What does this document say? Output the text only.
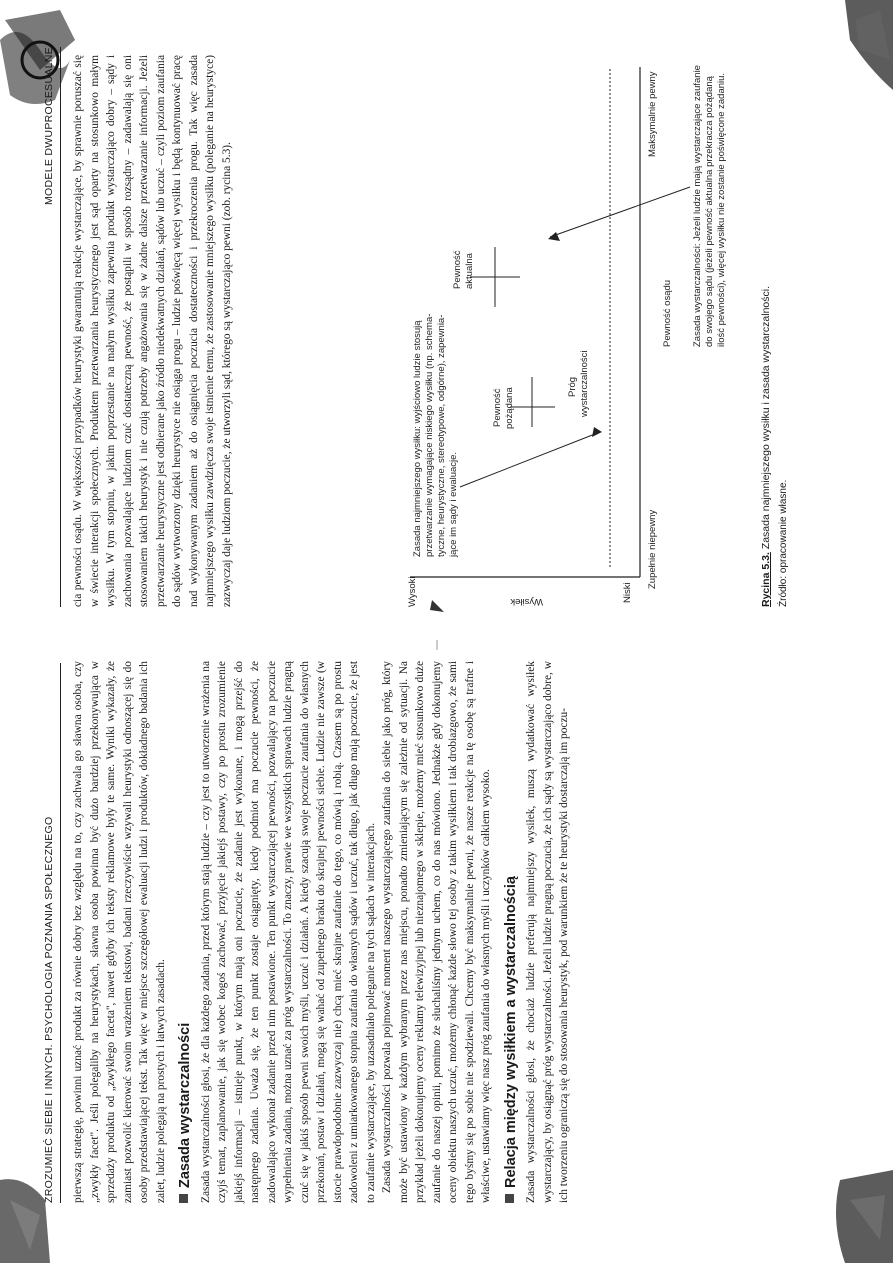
ZROZUMIEĆ SIEBIE I INNYCH. PSYCHOLOGIA POZNANIA SPOŁECZNEGO pierwszą strategię, powinni uznać produkt za równie dobry bez względu na to, czy zachwala go sławna osoba, czy „zwykły facet". Jeśli polegaliby na heurystykach, sławna osoba powinna być dużo bardziej przekonywująca w sprzedaży produktu od „zwykłego faceta", nawet gdyby ich teksty reklamowe były te same. Wyniki wykazały, że zamiast pozwolić kierować swoim wrażeniem tekstowi, badani rzeczywiście wzywali heurystyki odnoszącej się do osoby przedstawiającej tekst. Tak więc w miejsce szczegółowej ewaluacji ludzi i produktów, dokładnego badania ich zalet, ludzie polegają na prostych i łatwych zasadach. Zasada wystarczalności Zasada wystarczalności głosi, że dla każdego zadania, przed którym stają ludzie – czy jest to utworzenie wrażenia na czyjś temat, zaplanowanie, jak się wobec kogoś zachować, przyjęcie jakiejś postawy, czy po prostu zrozumienie jakiejś informacji – istnieje punkt, w którym mają oni poczucie, że zadanie jest wykonane, i mogą przejść do następnego zadania. Uważa się, że ten punkt zostaje osiągnięty, kiedy podmiot ma poczucie pewności, że zadowalająco wykonał zadanie przed nim postawione. Ten punkt wystarczającej pewności, pozwalający na poczucie wypełnienia zadania, można uznać za próg wystarczalności. To znaczy, prawie we wszystkich sprawach ludzie pragną czuć się w jakiś sposób pewni swoich myśli, uczuć i działań. A kiedy szacują swoje poczucie zaufania do własnych przekonań, postaw i działań, mogą się wahać od zupełnego braku do skrajnej pewności siebie. Ludzie nie zawsze (w istocie prawdopodobnie zazwyczaj nie) chcą mieć skrajne zaufanie do tego, co mówią i robią. Czasem są po prostu zadowoleni z umiarkowanego stopnia zaufania do własnych sądów i uczuć, tak długo, jak długo mają poczucie, że jest to zaufanie wystarczające, by uzasadniało poleganie na tych sądach w interakcjach. Zasada wystarczalności pozwala pojmować moment naszego wystarczającego zaufania do siebie jako próg, który może być ustawiony w każdym wybranym przez nas miejscu, ponadto zmieniającym się zależnie od sytuacji. Na przykład jeżeli dokonujemy oceny reklamy telewizyjnej lub nieznajomego w sklepie, możemy mieć stosunkowo duże zaufanie do naszej opinii, pomimo że słuchaliśmy jednym uchem, co do nas mówiono. Jednakże gdy dokonujemy oceny obiektu naszych uczuć, możemy chłonąć każde słowo tej osoby z takim wysiłkiem i tak drobiazgowo, że sami tego byśmy się po sobie nie spodziewali. Chcemy być maksymalnie pewni, że nasze reakcje na tę osobę są trafne i właściwe, ustawiamy więc nasz próg zaufania do własnych myśli i uczynków całkiem wysoko. Relacja między wysiłkiem a wystarczalnością Zasada wystarczalności głosi, że chociaż ludzie preferują najmniejszy wysiłek, muszą wydatkować wysiłek wystarczający, by osiągnąć próg wystarczalności. Jeżeli ludzie pragną poczucia, że ich sądy są wystarczająco dobre, w ich tworzeniu ograniczą się do stosowania heurystyk, pod warunkiem że te heurystyki dostarczają im poczu-

MODELE DWUPROCESUALNE cia pewności osądu. W większości przypadków heurystyki gwarantują reakcje wystarczające, by sprawnie poruszać się w świecie interakcji społecznych. Produktem przetwarzania heurystycznego jest sąd oparty na stosunkowo małym wysiłku. W tym stopniu, w jakim poprzestanie na małym wysiłku zapewnia produkt wystarczająco dobry – sądy i zachowania pozwalające ludziom czuć dostateczną pewność, że postąpili w sposób rozsądny – zadawalają się oni stosowaniem takich heurystyk i nie czują potrzeby angażowania się w żadne dalsze przetwarzanie informacji. Jeżeli przetwarzanie heurystyczne jest odbierane jako źródło niedekwatnych działań, sądów lub uczuć – czyli poziom zaufania do sądów wytworzony dzięki heurystyce nie osiąga progu – ludzie poświęcą więcej wysiłku i będą kontynuować pracę nad wykonywanym zadaniem aż do osiągnięcia poczucia dostateczności i przekroczenia progu. Tak więc zasada najmniejszego wysiłku zawdzięcza swoje istnienie temu, że zastosowanie mniejszego wysiłku (poleganie na heurystyce) zazwyczaj daje ludziom poczucie, że utworzyli sąd, którego są wystarczająco pewni (zob. rycina 5.3).	Wysoki	Niski
Wysiłek
Zupełnie niepewny
Maksymalnie pewny
Pewność osądu
Próg wystarczalności
Pewność pożądana
Pewność aktualna
Zasada najmniejszego wysiłku: wyjściowo ludzie stosują przetwarzanie wymagające niskiego wysiłku (np. schema- tyczne, heurystyczne, stereotypowe, odgórne), zapewnia- jące im sądy i ewaluacje.
Zasada wystarczalności: Jeżeli ludzie mają wystarczające zaufanie do swojego sądu (jeżeli pewność aktualna przekracza pożądaną ilość pewności), więcej wysiłku nie zostanie poświęcone zadaniu.
Rycina 5.3. Zasada najmniejszego wysiłku i zasada wystarczalności. Źródło: opracowanie własne.
